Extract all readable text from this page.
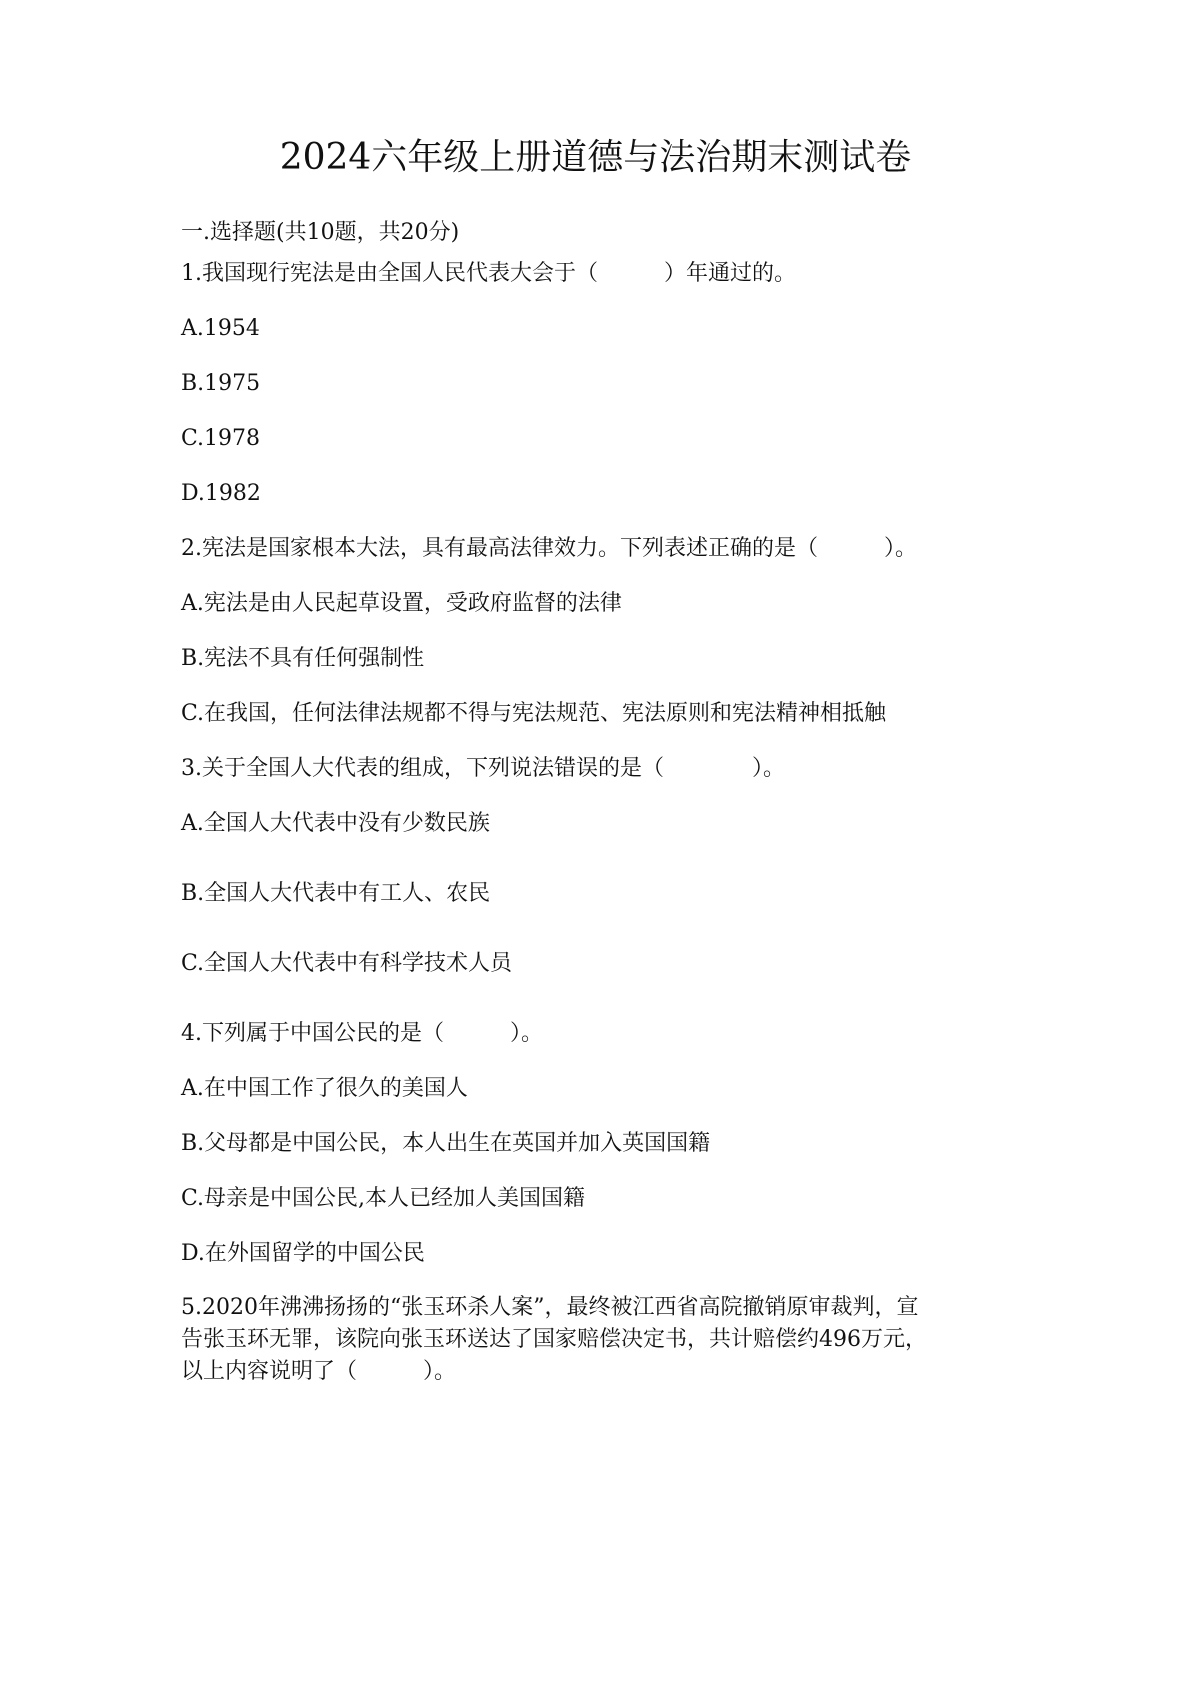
2024六年级上册道德与法治期末测试卷
一.选择题(共10题，共20分)
1.我国现行宪法是由全国人民代表大会于（　　　）年通过的。
A.1954
B.1975
C.1978
D.1982
2.宪法是国家根本大法，具有最高法律效力。下列表述正确的是（　　　）。
A.宪法是由人民起草设置，受政府监督的法律
B.宪法不具有任何强制性
C.在我国，任何法律法规都不得与宪法规范、宪法原则和宪法精神相抵触
3.关于全国人大代表的组成，下列说法错误的是（　　　　）。
A.全国人大代表中没有少数民族
B.全国人大代表中有工人、农民
C.全国人大代表中有科学技术人员
4.下列属于中国公民的是（　　　）。
A.在中国工作了很久的美国人
B.父母都是中国公民，本人出生在英国并加入英国国籍
C.母亲是中国公民,本人已经加人美国国籍
D.在外国留学的中国公民
5.2020年沸沸扬扬的“张玉环杀人案”，最终被江西省高院撤销原审裁判，宣
告张玉环无罪，该院向张玉环送达了国家赔偿决定书，共计赔偿约496万元，
以上内容说明了（　　　）。
